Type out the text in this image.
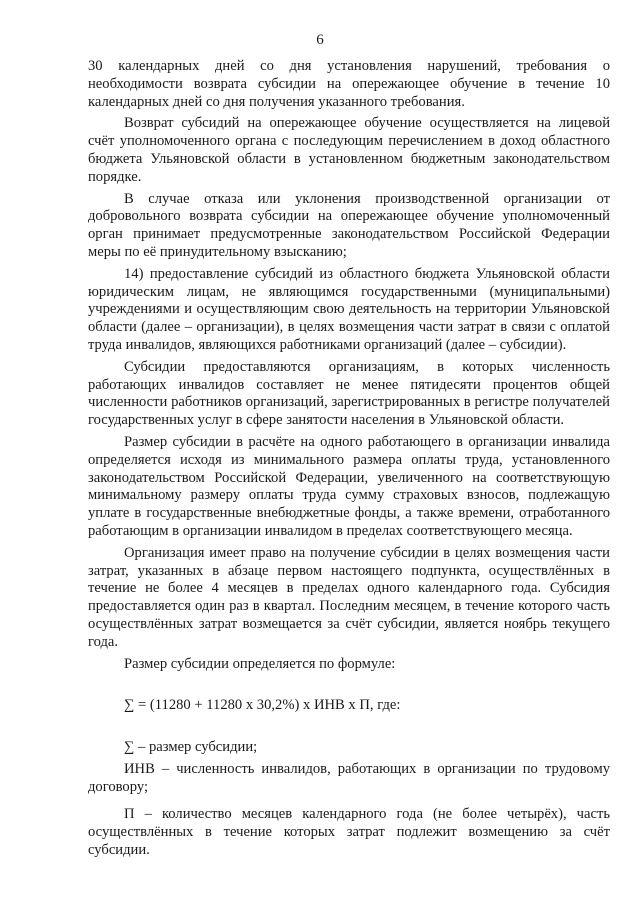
6

30 календарных дней со дня установления нарушений, требования о необходимости возврата субсидии на опережающее обучение в течение 10 календарных дней со дня получения указанного требования.

Возврат субсидий на опережающее обучение осуществляется на лицевой счёт уполномоченного органа с последующим перечислением в доход областного бюджета Ульяновской области в установленном бюджетным законодательством порядке.

В случае отказа или уклонения производственной организации от добровольного возврата субсидии на опережающее обучение уполномоченный орган принимает предусмотренные законодательством Российской Федерации меры по её принудительному взысканию;

14) предоставление субсидий из областного бюджета Ульяновской области юридическим лицам, не являющимся государственными (муниципальными) учреждениями и осуществляющим свою деятельность на территории Ульяновской области (далее – организации), в целях возмещения части затрат в связи с оплатой труда инвалидов, являющихся работниками организаций (далее – субсидии).

Субсидии предоставляются организациям, в которых численность работающих инвалидов составляет не менее пятидесяти процентов общей численности работников организаций, зарегистрированных в регистре получателей государственных услуг в сфере занятости населения в Ульяновской области.

Размер субсидии в расчёте на одного работающего в организации инвалида определяется исходя из минимального размера оплаты труда, установленного законодательством Российской Федерации, увеличенного на соответствующую минимальному размеру оплаты труда сумму страховых взносов, подлежащую уплате в государственные внебюджетные фонды, а также времени, отработанного работающим в организации инвалидом в пределах соответствующего месяца.

Организация имеет право на получение субсидии в целях возмещения части затрат, указанных в абзаце первом настоящего подпункта, осуществлённых в течение не более 4 месяцев в пределах одного календарного года. Субсидия предоставляется один раз в квартал. Последним месяцем, в течение которого часть осуществлённых затрат возмещается за счёт субсидии, является ноябрь текущего года.

Размер субсидии определяется по формуле:

∑ = (11280 + 11280 х 30,2%) х ИНВ х П, где:

∑ – размер субсидии;

ИНВ – численность инвалидов, работающих в организации по трудовому договору;

П – количество месяцев календарного года (не более четырёх), часть осуществлённых в течение которых затрат подлежит возмещению за счёт субсидии.
